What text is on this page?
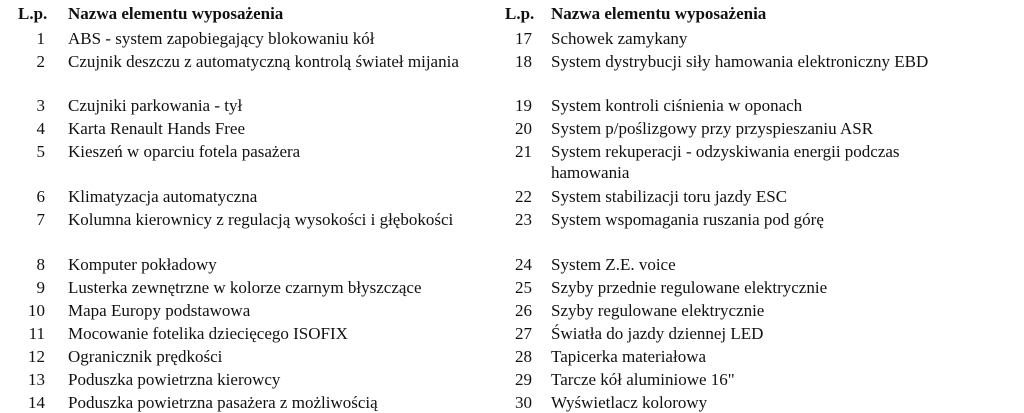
L.p. Nazwa elementu wyposażenia
1 ABS - system zapobiegający blokowaniu kół
2 Czujnik deszczu z automatyczną kontrolą świateł mijania
3 Czujniki parkowania - tył
4 Karta Renault Hands Free
5 Kieszeń w oparciu fotela pasażera
6 Klimatyzacja automatyczna
7 Kolumna kierownicy z regulacją wysokości i głębokości
8 Komputer pokładowy
9 Lusterka zewnętrzne w kolorze czarnym błyszczące
10 Mapa Europy podstawowa
11 Mocowanie fotelika dziecięcego ISOFIX
12 Ogranicznik prędkości
13 Poduszka powietrzna kierowcy
14 Poduszka powietrzna pasażera z możliwością
L.p. Nazwa elementu wyposażenia
17 Schowek zamykany
18 System dystrybucji siły hamowania elektroniczny EBD
19 System kontroli ciśnienia w oponach
20 System p/poślizgowy przy przyspieszaniu ASR
21 System rekuperacji - odzyskiwania energii podczas hamowania
22 System stabilizacji toru jazdy ESC
23 System wspomagania ruszania pod górę
24 System Z.E. voice
25 Szyby przednie regulowane elektrycznie
26 Szyby regulowane elektrycznie
27 Światła do jazdy dziennej LED
28 Tapicerka materiałowa
29 Tarcze kół aluminiowe 16"
30 Wyświetlacz kolorowy
